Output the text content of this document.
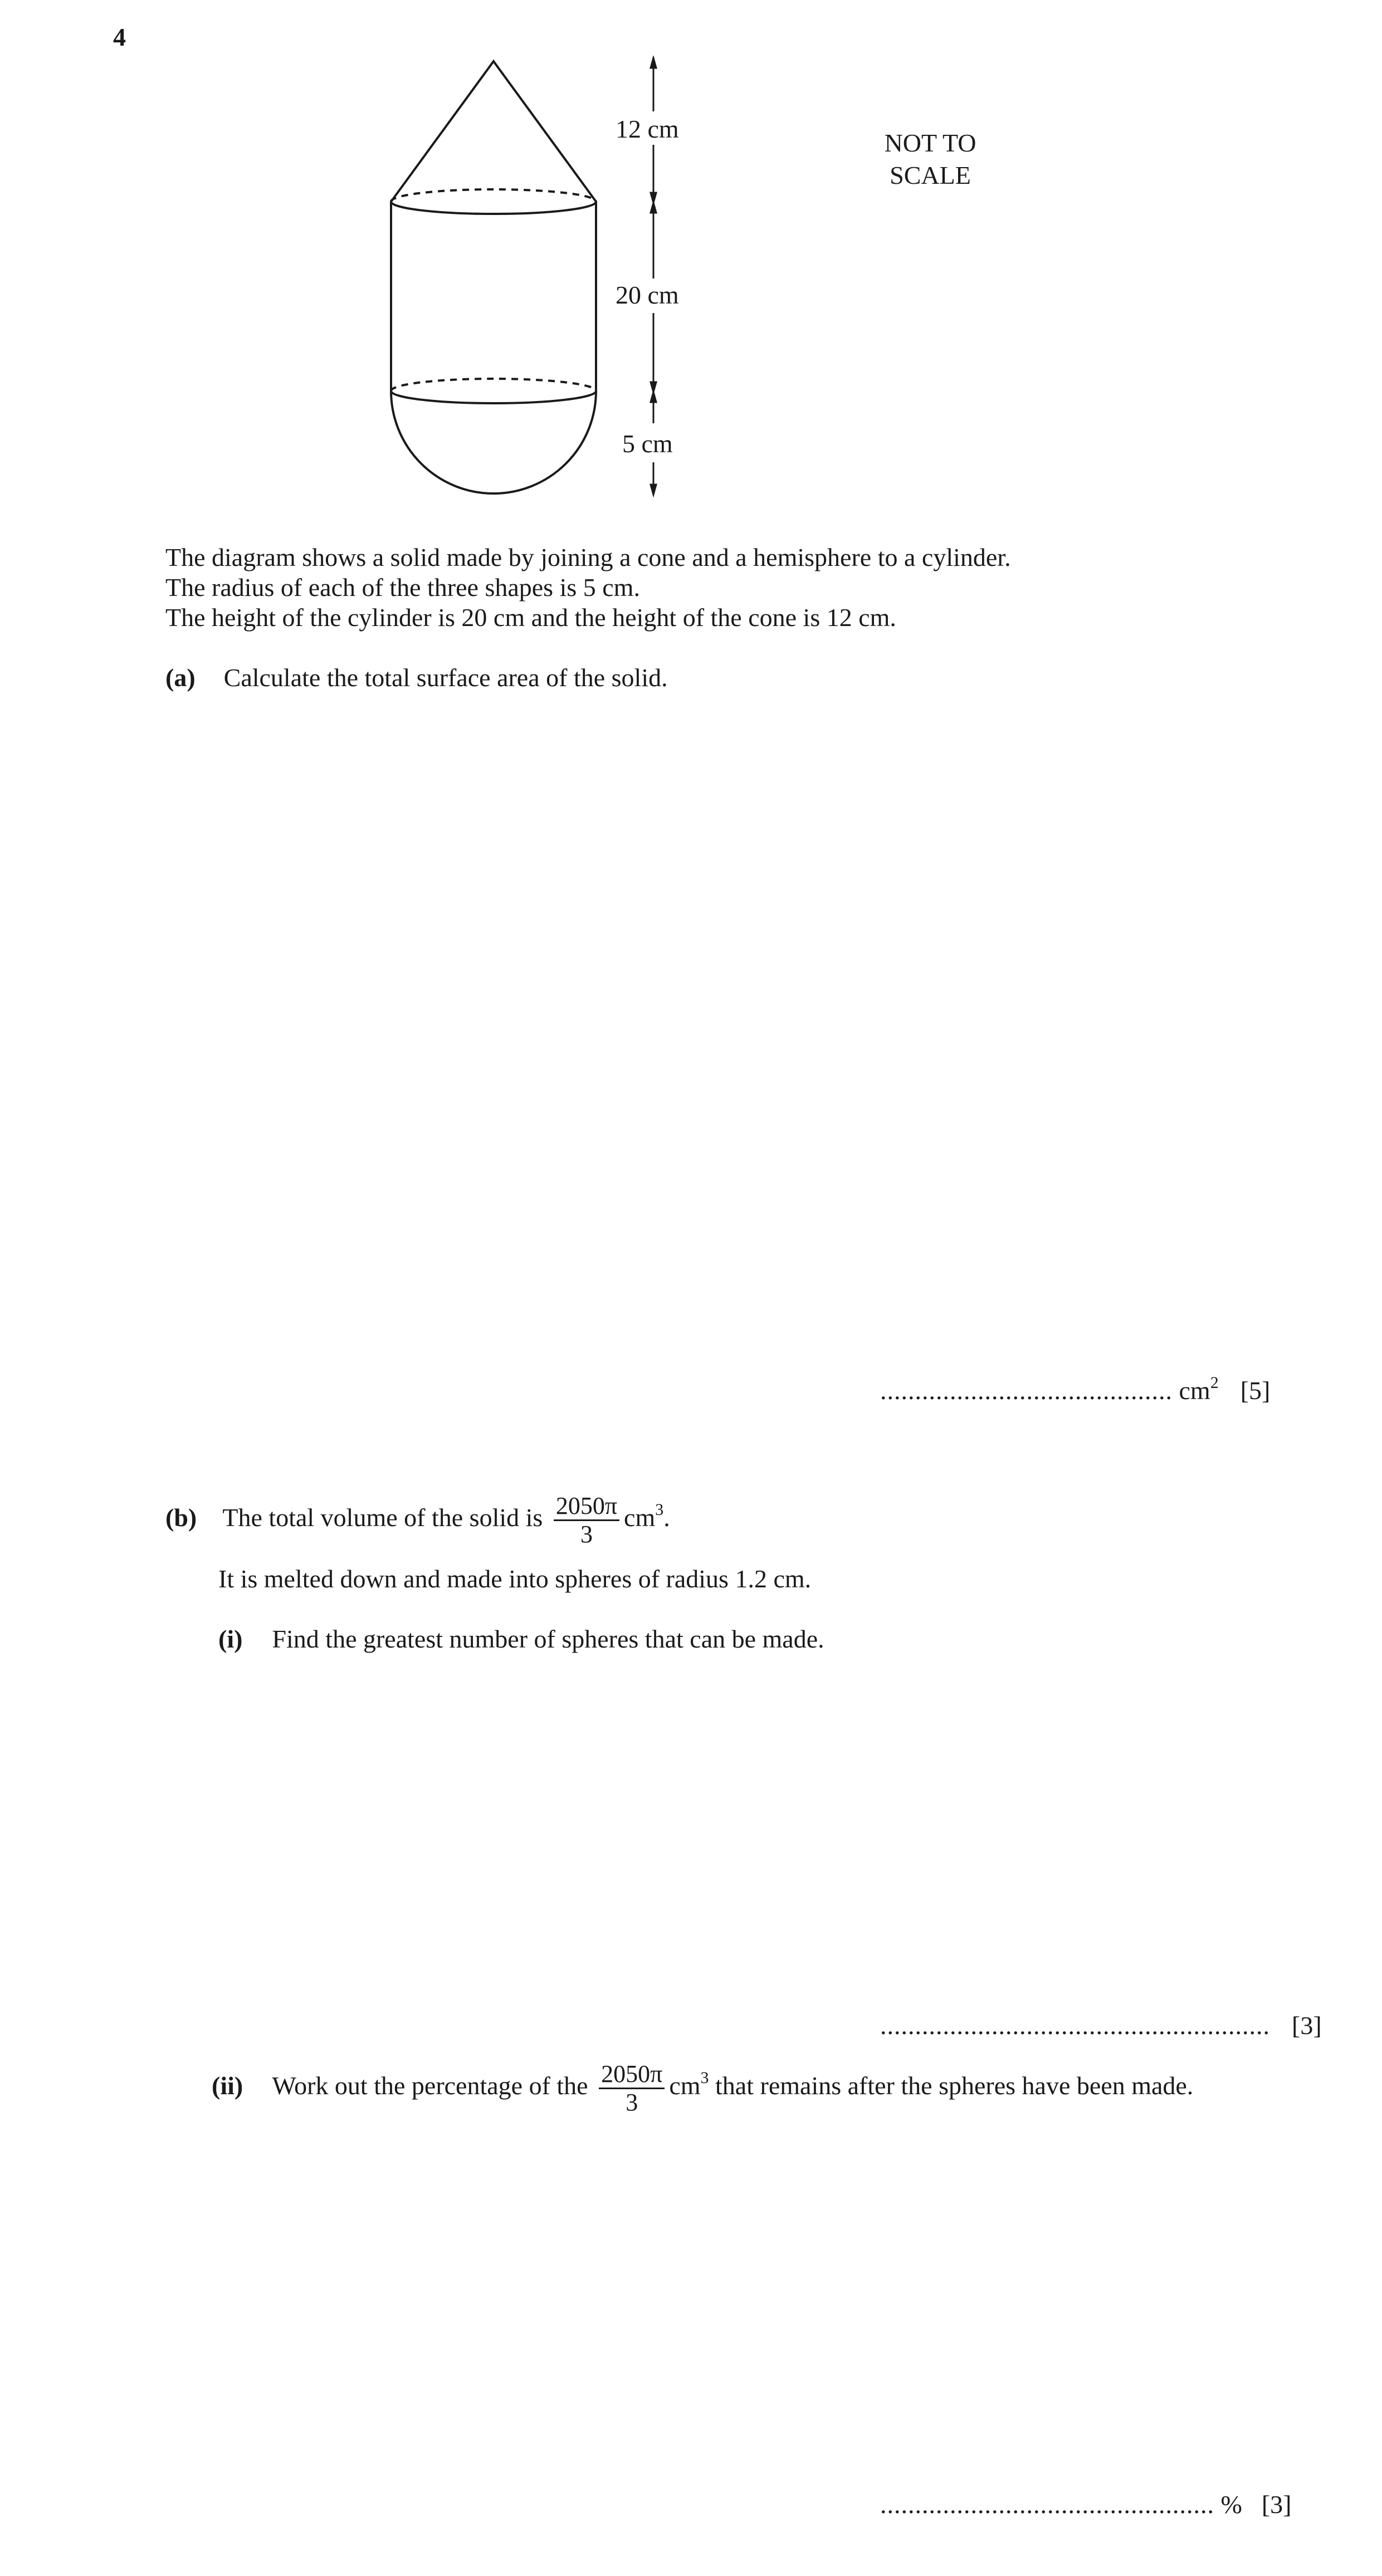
4
12 cm
20 cm
5 cm
NOT TO SCALE
The diagram shows a solid made by joining a cone and a hemisphere to a cylinder.
The radius of each of the three shapes is 5 cm.
The height of the cylinder is 20 cm and the height of the cone is 12 cm.
(a) Calculate the total surface area of the solid.
.......................................... $cm^2$ [5]
(b) The total volume of the solid is $\frac{2050\pi}{3} cm^3$.
It is melted down and made into spheres of radius 1.2 cm.
(i) Find the greatest number of spheres that can be made.
........................................................ [3]
(ii) Work out the percentage of the $\frac{2050\pi}{3} cm^3$ that remains after the spheres have been made.
................................................ % [3]
